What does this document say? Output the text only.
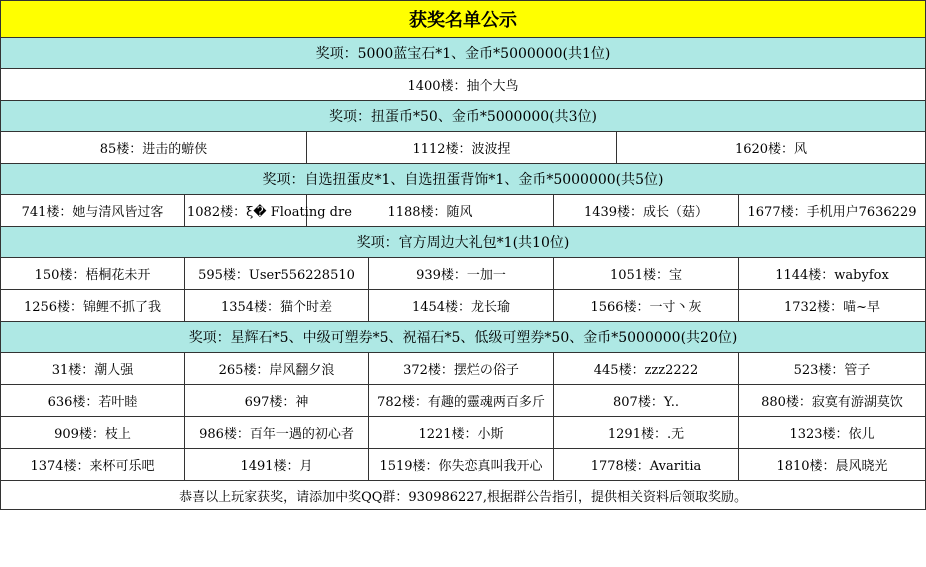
获奖名单公示						
奖项：5000蓝宝石*1、金币*5000000(共1位)						
1400楼：抽个大鸟						
奖项：扭蛋币*50、金币*5000000(共3位)						
85楼：进击的蝣侠		1112楼：波波捏			1620楼：风	
奖项：自选扭蛋皮*1、自选扭蛋背饰*1、金币*5000000(共5位)						
741楼：她与清风皆过客	1082楼：ξ� Floating dre	1188楼：随风		1439楼：成长（菇）		1677楼：手机用户7636229
奖项：官方周边大礼包*1(共10位)						
150楼：梧桐花未开	595楼：User556228510		939楼：一加一	1051楼：宝		1144楼：wabyfox
1256楼：锦鲤不抓了我	1354楼：猫个时差		1454楼：龙长瑜	1566楼：一寸丶灰		1732楼：喵~早
奖项：星辉石*5、中级可塑券*5、祝福石*5、低级可塑券*50、金币*5000000(共20位)						
31楼：潮人强	265楼：岸风翻夕浪		372楼：摆烂の俗子	445楼：zzz2222		523楼：管子
636楼：若叶睦	697楼：神		782楼：有趣的靈魂两百多斤	807楼：Y..		880楼：寂寞有游湖莫饮
909楼：枝上	986楼：百年一遇的初心者		1221楼：小斯	1291楼：.无		1323楼：依儿
1374楼：来杯可乐吧	1491楼：月		1519楼：你失恋真叫我开心	1778楼：Avaritia		1810楼：晨风晓光
恭喜以上玩家获奖，请添加中奖QQ群：930986227,根据群公告指引，提供相关资料后领取奖励。						
